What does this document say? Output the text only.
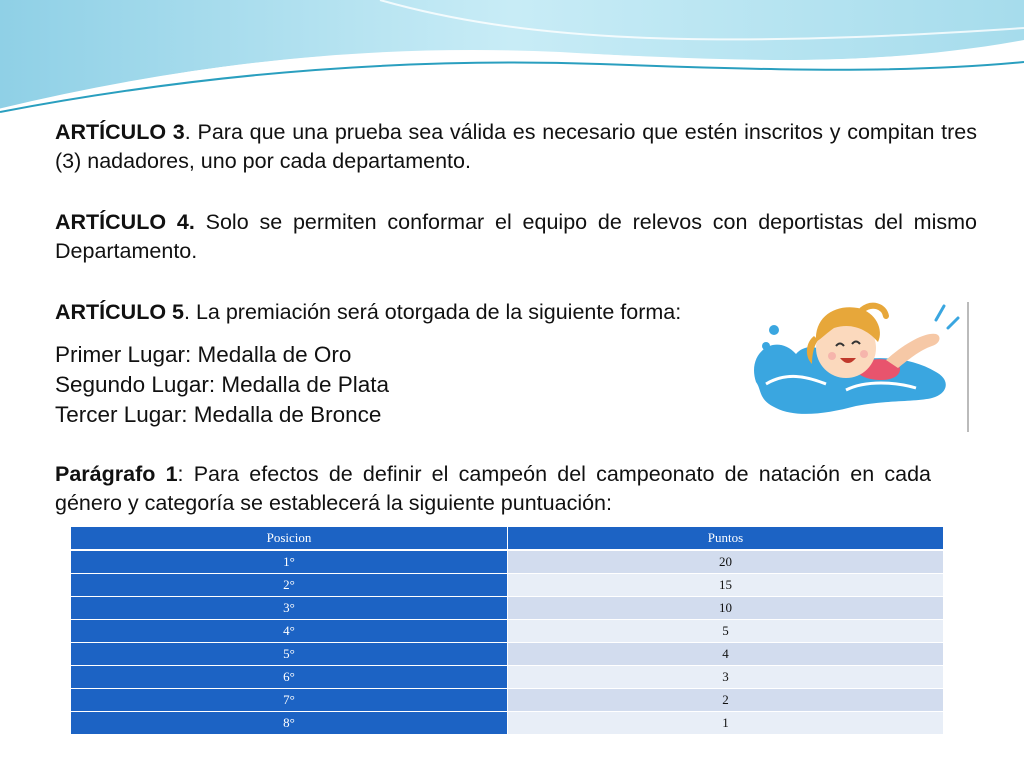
ARTÍCULO 3. Para que una prueba sea válida es necesario que estén inscritos y compitan tres (3) nadadores, uno por cada departamento.

ARTÍCULO 4. Solo se permiten conformar el equipo de relevos con deportistas del mismo Departamento.

ARTÍCULO 5. La premiación será otorgada de la siguiente forma:

Primer Lugar: Medalla de Oro
Segundo Lugar: Medalla de Plata
Tercer Lugar: Medalla de Bronce

Parágrafo 1: Para efectos de definir el campeón del campeonato de natación en cada género y categoría se establecerá la siguiente puntuación:

Posicion	Puntos
1°	20
2°	15
3°	10
4°	5
5°	4
6°	3
7°	2
8°	1
